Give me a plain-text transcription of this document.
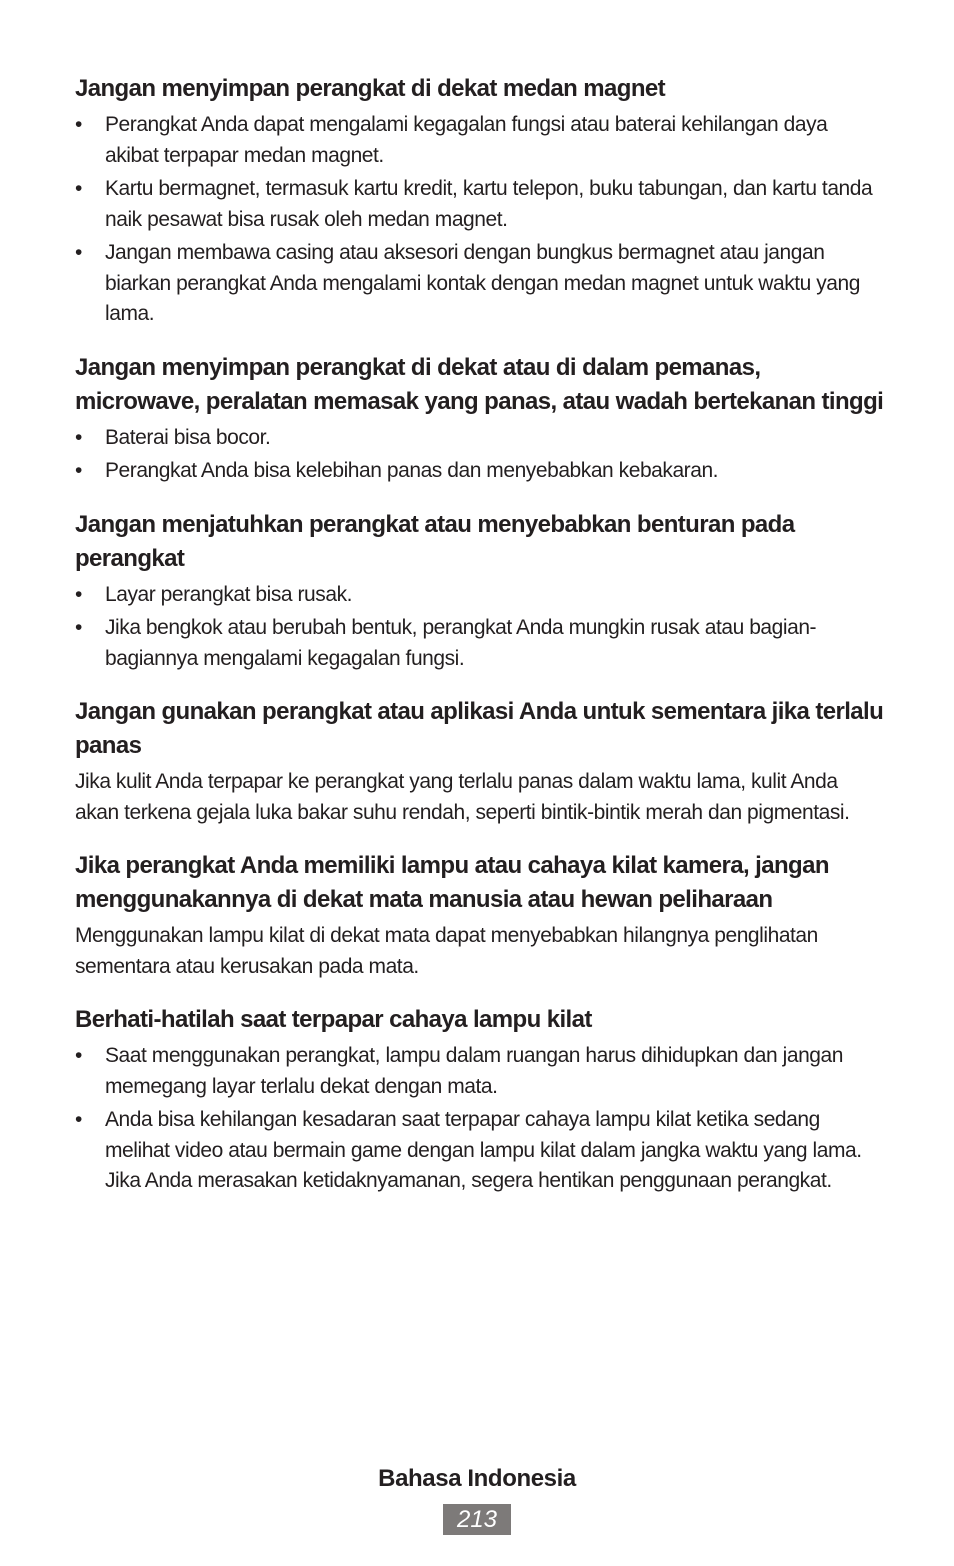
Jangan menyimpan perangkat di dekat medan magnet
•	Perangkat Anda dapat mengalami kegagalan fungsi atau baterai kehilangan daya akibat terpapar medan magnet.
•	Kartu bermagnet, termasuk kartu kredit, kartu telepon, buku tabungan, dan kartu tanda naik pesawat bisa rusak oleh medan magnet.
•	Jangan membawa casing atau aksesori dengan bungkus bermagnet atau jangan biarkan perangkat Anda mengalami kontak dengan medan magnet untuk waktu yang lama.
Jangan menyimpan perangkat di dekat atau di dalam pemanas, microwave, peralatan memasak yang panas, atau wadah bertekanan tinggi
•	Baterai bisa bocor.
•	Perangkat Anda bisa kelebihan panas dan menyebabkan kebakaran.
Jangan menjatuhkan perangkat atau menyebabkan benturan pada perangkat
•	Layar perangkat bisa rusak.
•	Jika bengkok atau berubah bentuk, perangkat Anda mungkin rusak atau bagian-bagiannya mengalami kegagalan fungsi.
Jangan gunakan perangkat atau aplikasi Anda untuk sementara jika terlalu panas

Jika kulit Anda terpapar ke perangkat yang terlalu panas dalam waktu lama, kulit Anda akan terkena gejala luka bakar suhu rendah, seperti bintik-bintik merah dan pigmentasi.

Jika perangkat Anda memiliki lampu atau cahaya kilat kamera, jangan menggunakannya di dekat mata manusia atau hewan peliharaan

Menggunakan lampu kilat di dekat mata dapat menyebabkan hilangnya penglihatan sementara atau kerusakan pada mata.

Berhati-hatilah saat terpapar cahaya lampu kilat
•	Saat menggunakan perangkat, lampu dalam ruangan harus dihidupkan dan jangan memegang layar terlalu dekat dengan mata.
•	Anda bisa kehilangan kesadaran saat terpapar cahaya lampu kilat ketika sedang melihat video atau bermain game dengan lampu kilat dalam jangka waktu yang lama. Jika Anda merasakan ketidaknyamanan, segera hentikan penggunaan perangkat.
Bahasa Indonesia
213
